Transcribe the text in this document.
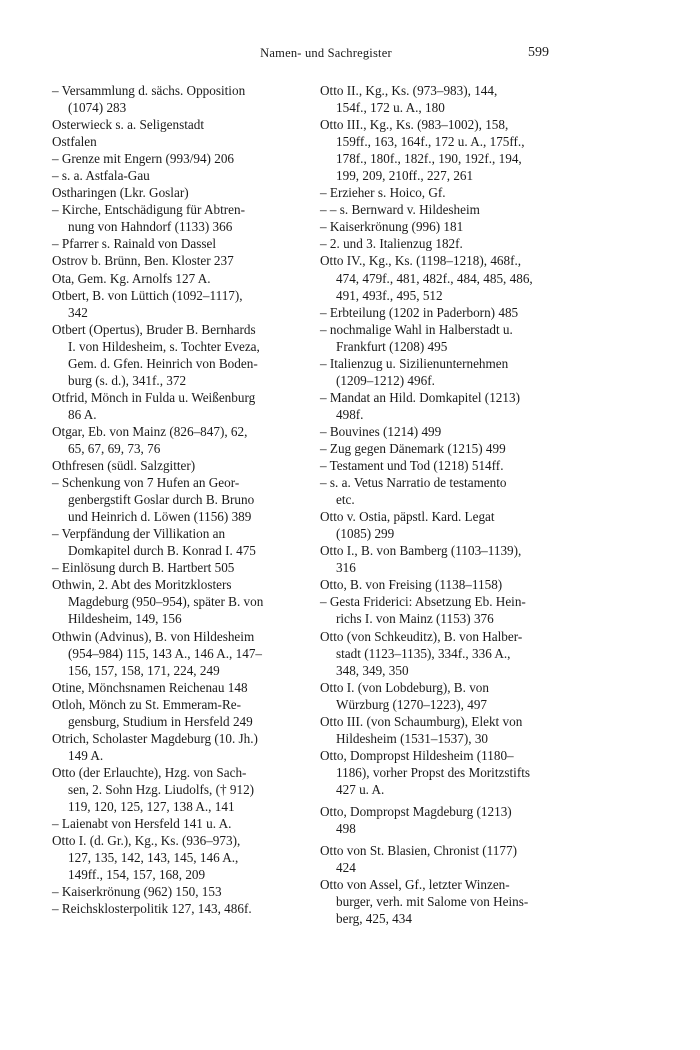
Namen- und Sachregister	599

– Versammlung d. sächs. Opposition
(1074) 283

Osterwieck s. a. Seligenstadt

Ostfalen

– Grenze mit Engern (993/94) 206

– s. a. Astfala-Gau

Ostharingen (Lkr. Goslar)

– Kirche, Entschädigung für Abtren-
nung von Hahndorf (1133) 366

– Pfarrer s. Rainald von Dassel

Ostrov b. Brünn, Ben. Kloster 237

Ota, Gem. Kg. Arnolfs 127 A.

Otbert, B. von Lüttich (1092–1117),
342

Otbert (Opertus), Bruder B. Bernhards
I. von Hildesheim, s. Tochter Eveza,
Gem. d. Gfen. Heinrich von Boden-
burg (s. d.), 341f., 372

Otfrid, Mönch in Fulda u. Weißenburg
86 A.

Otgar, Eb. von Mainz (826–847), 62,
65, 67, 69, 73, 76

Othfresen (südl. Salzgitter)

– Schenkung von 7 Hufen an Geor-
genbergstift Goslar durch B. Bruno
und Heinrich d. Löwen (1156) 389

– Verpfändung der Villikation an
Domkapitel durch B. Konrad I. 475

– Einlösung durch B. Hartbert 505

Othwin, 2. Abt des Moritzklosters
Magdeburg (950–954), später B. von
Hildesheim, 149, 156

Othwin (Advinus), B. von Hildesheim
(954–984) 115, 143 A., 146 A., 147–
156, 157, 158, 171, 224, 249

Otine, Mönchsnamen Reichenau 148

Otloh, Mönch zu St. Emmeram-Re-
gensburg, Studium in Hersfeld 249

Otrich, Scholaster Magdeburg (10. Jh.)
149 A.

Otto (der Erlauchte), Hzg. von Sach-
sen, 2. Sohn Hzg. Liudolfs, († 912)
119, 120, 125, 127, 138 A., 141

– Laienabt von Hersfeld 141 u. A.

Otto I. (d. Gr.), Kg., Ks. (936–973),
127, 135, 142, 143, 145, 146 A.,
149ff., 154, 157, 168, 209

– Kaiserkrönung (962) 150, 153

– Reichsklosterpolitik 127, 143, 486f.

Otto II., Kg., Ks. (973–983), 144,
154f., 172 u. A., 180

Otto III., Kg., Ks. (983–1002), 158,
159ff., 163, 164f., 172 u. A., 175ff.,
178f., 180f., 182f., 190, 192f., 194,
199, 209, 210ff., 227, 261

– Erzieher s. Hoico, Gf.

– – s. Bernward v. Hildesheim

– Kaiserkrönung (996) 181

– 2. und 3. Italienzug 182f.

Otto IV., Kg., Ks. (1198–1218), 468f.,
474, 479f., 481, 482f., 484, 485, 486,
491, 493f., 495, 512

– Erbteilung (1202 in Paderborn) 485

– nochmalige Wahl in Halberstadt u.
Frankfurt (1208) 495

– Italienzug u. Sizilienunternehmen
(1209–1212) 496f.

– Mandat an Hild. Domkapitel (1213)
498f.

– Bouvines (1214) 499

– Zug gegen Dänemark (1215) 499

– Testament und Tod (1218) 514ff.

– s. a. Vetus Narratio de testamento
etc.

Otto v. Ostia, päpstl. Kard. Legat
(1085) 299

Otto I., B. von Bamberg (1103–1139),
316

Otto, B. von Freising (1138–1158)

– Gesta Friderici: Absetzung Eb. Hein-
richs I. von Mainz (1153) 376

Otto (von Schkeuditz), B. von Halber-
stadt (1123–1135), 334f., 336 A.,
348, 349, 350

Otto I. (von Lobdeburg), B. von
Würzburg (1270–1223), 497

Otto III. (von Schaumburg), Elekt von
Hildesheim (1531–1537), 30

Otto, Dompropst Hildesheim (1180–
1186), vorher Propst des Moritzstifts
427 u. A.

Otto, Dompropst Magdeburg (1213)
498

Otto von St. Blasien, Chronist (1177)
424

Otto von Assel, Gf., letzter Winzen-
burger, verh. mit Salome von Heins-
berg, 425, 434
